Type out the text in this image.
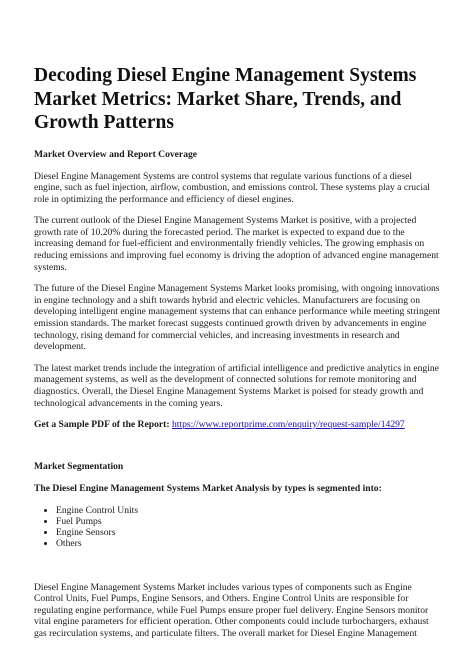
Decoding Diesel Engine Management Systems Market Metrics: Market Share, Trends, and Growth Patterns
Market Overview and Report Coverage

Diesel Engine Management Systems are control systems that regulate various functions of a diesel engine, such as fuel injection, airflow, combustion, and emissions control. These systems play a crucial role in optimizing the performance and efficiency of diesel engines.

The current outlook of the Diesel Engine Management Systems Market is positive, with a projected growth rate of 10.20% during the forecasted period. The market is expected to expand due to the increasing demand for fuel-efficient and environmentally friendly vehicles. The growing emphasis on reducing emissions and improving fuel economy is driving the adoption of advanced engine management systems.

The future of the Diesel Engine Management Systems Market looks promising, with ongoing innovations in engine technology and a shift towards hybrid and electric vehicles. Manufacturers are focusing on developing intelligent engine management systems that can enhance performance while meeting stringent emission standards. The market forecast suggests continued growth driven by advancements in engine technology, rising demand for commercial vehicles, and increasing investments in research and development.

The latest market trends include the integration of artificial intelligence and predictive analytics in engine management systems, as well as the development of connected solutions for remote monitoring and diagnostics. Overall, the Diesel Engine Management Systems Market is poised for steady growth and technological advancements in the coming years.

Get a Sample PDF of the Report: https://www.reportprime.com/enquiry/request-sample/14297

Market Segmentation
The Diesel Engine Management Systems Market Analysis by types is segmented into:
• Engine Control Units
• Fuel Pumps
• Engine Sensors
• Others

Diesel Engine Management Systems Market includes various types of components such as Engine Control Units, Fuel Pumps, Engine Sensors, and Others. Engine Control Units are responsible for regulating engine performance, while Fuel Pumps ensure proper fuel delivery. Engine Sensors monitor vital engine parameters for efficient operation. Other components could include turbochargers, exhaust gas recirculation systems, and particulate filters. The overall market for Diesel Engine Management
